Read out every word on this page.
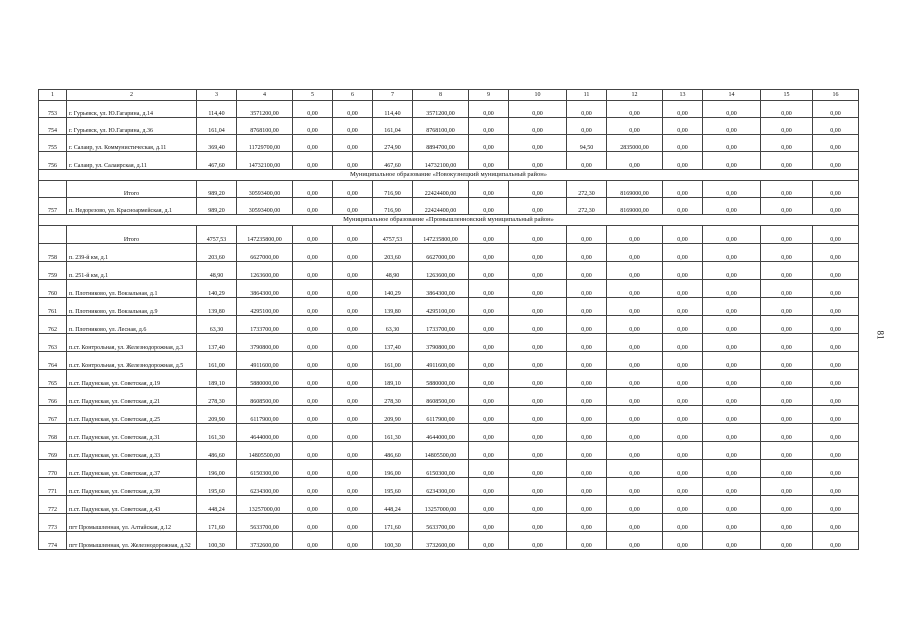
1	2	3	4	5	6	7	8	9	10	11	12	13	14	15	16
753	г. Гурьевск, ул. Ю.Гагарина, д.14	114,40	3571200,00	0,00	0,00	114,40	3571200,00	0,00	0,00	0,00	0,00	0,00	0,00	0,00	0,00
754	г. Гурьевск, ул. Ю.Гагарина, д.36	161,04	8768100,00	0,00	0,00	161,04	8768100,00	0,00	0,00	0,00	0,00	0,00	0,00	0,00	0,00
755	г. Салаир, ул. Коммунистическая, д.11	369,40	11729700,00	0,00	0,00	274,90	8894700,00	0,00	0,00	94,50	2835000,00	0,00	0,00	0,00	0,00
756	г. Салаир, ул. Салаирская, д.11	467,60	14732100,00	0,00	0,00	467,60	14732100,00	0,00	0,00	0,00	0,00	0,00	0,00	0,00	0,00
Муниципальное образование «Новокузнецкий муниципальный район»															
	Итого	989,20	30593400,00	0,00	0,00	716,90	22424400,00	0,00	0,00	272,30	8169000,00	0,00	0,00	0,00	0,00
757	п. Недорезово, ул. Красноармейская, д.1	989,20	30593400,00	0,00	0,00	716,90	22424400,00	0,00	0,00	272,30	8169000,00	0,00	0,00	0,00	0,00
Муниципальное образование «Промышленновский муниципальный район»															
	Итого	4757,53	147235800,00	0,00	0,00	4757,53	147235800,00	0,00	0,00	0,00	0,00	0,00	0,00	0,00	0,00
758	п. 239-й км, д.1	203,60	6627000,00	0,00	0,00	203,60	6627000,00	0,00	0,00	0,00	0,00	0,00	0,00	0,00	0,00
759	п. 251-й км, д.1	48,90	1263600,00	0,00	0,00	48,90	1263600,00	0,00	0,00	0,00	0,00	0,00	0,00	0,00	0,00
760	п. Плотниково, ул. Вокзальная, д.1	140,29	3864300,00	0,00	0,00	140,29	3864300,00	0,00	0,00	0,00	0,00	0,00	0,00	0,00	0,00
761	п. Плотниково, ул. Вокзальная, д.9	139,80	4295100,00	0,00	0,00	139,80	4295100,00	0,00	0,00	0,00	0,00	0,00	0,00	0,00	0,00
762	п. Плотниково, ул. Лесная, д.6	63,30	1733700,00	0,00	0,00	63,30	1733700,00	0,00	0,00	0,00	0,00	0,00	0,00	0,00	0,00
763	п.ст. Контрольная, ул. Железнодорожная, д.3	137,40	3790800,00	0,00	0,00	137,40	3790800,00	0,00	0,00	0,00	0,00	0,00	0,00	0,00	0,00
764	п.ст. Контрольная, ул. Железнодорожная, д.5	161,00	4911600,00	0,00	0,00	161,00	4911600,00	0,00	0,00	0,00	0,00	0,00	0,00	0,00	0,00
765	п.ст. Падунская, ул. Советская, д.19	189,10	5880000,00	0,00	0,00	189,10	5880000,00	0,00	0,00	0,00	0,00	0,00	0,00	0,00	0,00
766	п.ст. Падунская, ул. Советская, д.21	278,30	8608500,00	0,00	0,00	278,30	8608500,00	0,00	0,00	0,00	0,00	0,00	0,00	0,00	0,00
767	п.ст. Падунская, ул. Советская, д.25	209,90	6117900,00	0,00	0,00	209,90	6117900,00	0,00	0,00	0,00	0,00	0,00	0,00	0,00	0,00
768	п.ст. Падунская, ул. Советская, д.31	161,30	4644000,00	0,00	0,00	161,30	4644000,00	0,00	0,00	0,00	0,00	0,00	0,00	0,00	0,00
769	п.ст. Падунская, ул. Советская, д.33	486,60	14805500,00	0,00	0,00	486,60	14805500,00	0,00	0,00	0,00	0,00	0,00	0,00	0,00	0,00
770	п.ст. Падунская, ул. Советская, д.37	196,00	6150300,00	0,00	0,00	196,00	6150300,00	0,00	0,00	0,00	0,00	0,00	0,00	0,00	0,00
771	п.ст. Падунская, ул. Советская, д.39	195,60	6234300,00	0,00	0,00	195,60	6234300,00	0,00	0,00	0,00	0,00	0,00	0,00	0,00	0,00
772	п.ст. Падунская, ул. Советская, д.43	448,24	13257000,00	0,00	0,00	448,24	13257000,00	0,00	0,00	0,00	0,00	0,00	0,00	0,00	0,00
773	пгт Промышленная, ул. Алтайская, д.12	171,60	5633700,00	0,00	0,00	171,60	5633700,00	0,00	0,00	0,00	0,00	0,00	0,00	0,00	0,00
774	пгт Промышленная, ул. Железнодорожная, д.32	100,30	3732600,00	0,00	0,00	100,30	3732600,00	0,00	0,00	0,00	0,00	0,00	0,00	0,00	0,00
81
